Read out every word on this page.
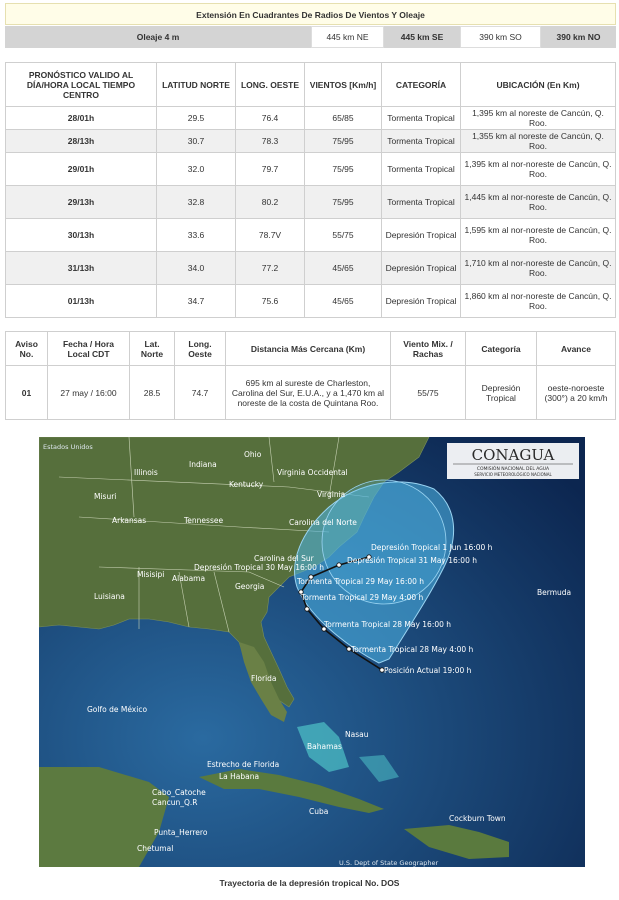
Extensión En Cuadrantes De Radios De Vientos Y Oleaje
Oleaje 4 m	445 km NE	445 km SE	390 km SO	390 km NO
PRONÓSTICO VALIDO AL DÍA/HORA LOCAL TIEMPO CENTRO	LATITUD NORTE	LONG. OESTE	VIENTOS [Km/h]	CATEGORÍA	UBICACIÓN (En Km)
28/01h	29.5	76.4	65/85	Tormenta Tropical	1,395 km al noreste de Cancún, Q. Roo.
28/13h	30.7	78.3	75/95	Tormenta Tropical	1,355 km al noreste de Cancún, Q. Roo.
29/01h	32.0	79.7	75/95	Tormenta Tropical	1,395 km al nor-noreste de Cancún, Q. Roo.
29/13h	32.8	80.2	75/95	Tormenta Tropical	1,445 km al nor-noreste de Cancún, Q. Roo.
30/13h	33.6	78.7V	55/75	Depresión Tropical	1,595 km al nor-noreste de Cancún, Q. Roo.
31/13h	34.0	77.2	45/65	Depresión Tropical	1,710 km al nor-noreste de Cancún, Q. Roo.
01/13h	34.7	75.6	45/65	Depresión Tropical	1,860 km al nor-noreste de Cancún, Q. Roo.
Aviso No.	Fecha / Hora Local CDT	Lat. Norte	Long. Oeste	Distancia Más Cercana (Km)	Viento Mix. / Rachas	Categoría	Avance
01	27 may / 16:00	28.5	74.7	695 km al sureste de Charleston, Carolina del Sur, E.U.A., y a 1,470 km al noreste de la costa de Quintana Roo.	55/75	Depresión Tropical	oeste-noroeste (300°) a 20 km/h
Depresión Tropical 1 Jun 16:00 h
Depresión Tropical 31 May 16:00 h
Depresión Tropical 30 May 16:00 h
Tormenta Tropical 29 May 16:00 h
Tormenta Tropical 29 May 4:00 h
Tormenta Tropical 28 May 16:00 h
Tormenta Tropical 28 May 4:00 h
Posición Actual 19:00 h
Estados Unidos
Illinois
Indiana
Ohio
Virginia Occidental
Kentucky
Virginia
Misuri
Tennessee	Carolina del Norte
Arkansas
Carolina del Sur
Misisipi Alabama
Georgia
Luisiana
Florida
Bermuda
Golfo de México
Bahamas
Nasau
Estrecho de Florida
La Habana
Cabo_Catoche
Cancun_Q.R
Cuba
Punta_Herrero
Chetumal
Cockburn Town
U.S. Dept of State Geographer
CONAGUA
COMISIÓN NACIONAL DEL AGUA
SERVICIO METEOROLÓGICO NACIONAL
Trayectoria de la depresión tropical No. DOS
